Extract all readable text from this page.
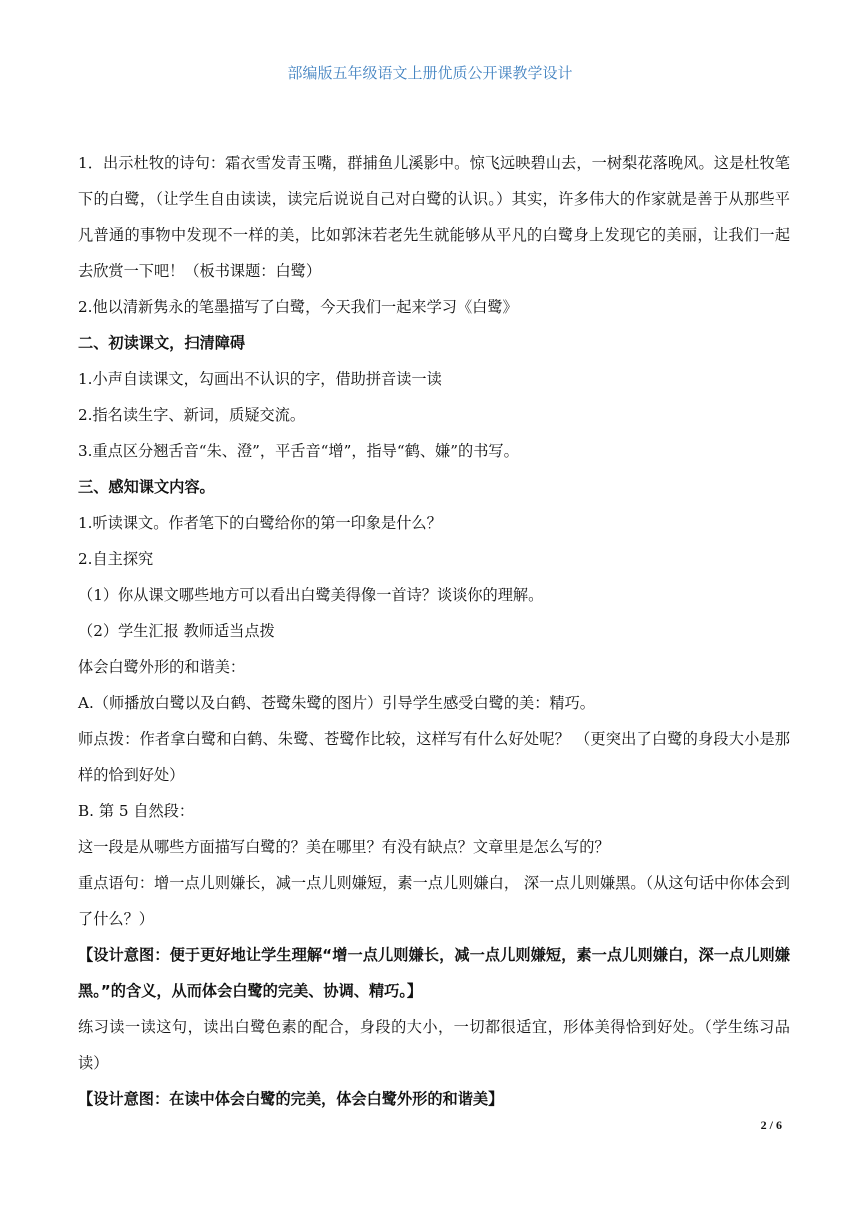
部编版五年级语文上册优质公开课教学设计

1．出示杜牧的诗句：霜衣雪发青玉嘴，群捕鱼儿溪影中。惊飞远映碧山去，一树梨花落晚风。这是杜牧笔下的白鹭，（让学生自由读读，读完后说说自己对白鹭的认识。）其实，许多伟大的作家就是善于从那些平凡普通的事物中发现不一样的美，比如郭沫若老先生就能够从平凡的白鹭身上发现它的美丽，让我们一起去欣赏一下吧！（板书课题：白鹭）

2.他以清新隽永的笔墨描写了白鹭，今天我们一起来学习《白鹭》

二、初读课文，扫清障碍

1.小声自读课文，勾画出不认识的字，借助拼音读一读

2.指名读生字、新词，质疑交流。

3.重点区分翘舌音“朱、澄”，平舌音“增”，指导“鹤、嫌”的书写。

三、感知课文内容。

1.听读课文。作者笔下的白鹭给你的第一印象是什么？

2.自主探究

（1）你从课文哪些地方可以看出白鹭美得像一首诗？谈谈你的理解。

（2）学生汇报 教师适当点拨

体会白鹭外形的和谐美：

A.（师播放白鹭以及白鹤、苍鹭朱鹭的图片）引导学生感受白鹭的美：精巧。

师点拨：作者拿白鹭和白鹤、朱鹭、苍鹭作比较，这样写有什么好处呢？ （更突出了白鹭的身段大小是那样的恰到好处）

B. 第 5 自然段：

这一段是从哪些方面描写白鹭的？美在哪里？有没有缺点？文章里是怎么写的？

重点语句：增一点儿则嫌长，减一点儿则嫌短，素一点儿则嫌白， 深一点儿则嫌黑。（从这句话中你体会到了什么？）

【设计意图：便于更好地让学生理解“增一点儿则嫌长，减一点儿则嫌短，素一点儿则嫌白，深一点儿则嫌黑。”的含义，从而体会白鹭的完美、协调、精巧。】

练习读一读这句，读出白鹭色素的配合，身段的大小，一切都很适宜，形体美得恰到好处。（学生练习品读）

【设计意图：在读中体会白鹭的完美，体会白鹭外形的和谐美】

2 / 6
